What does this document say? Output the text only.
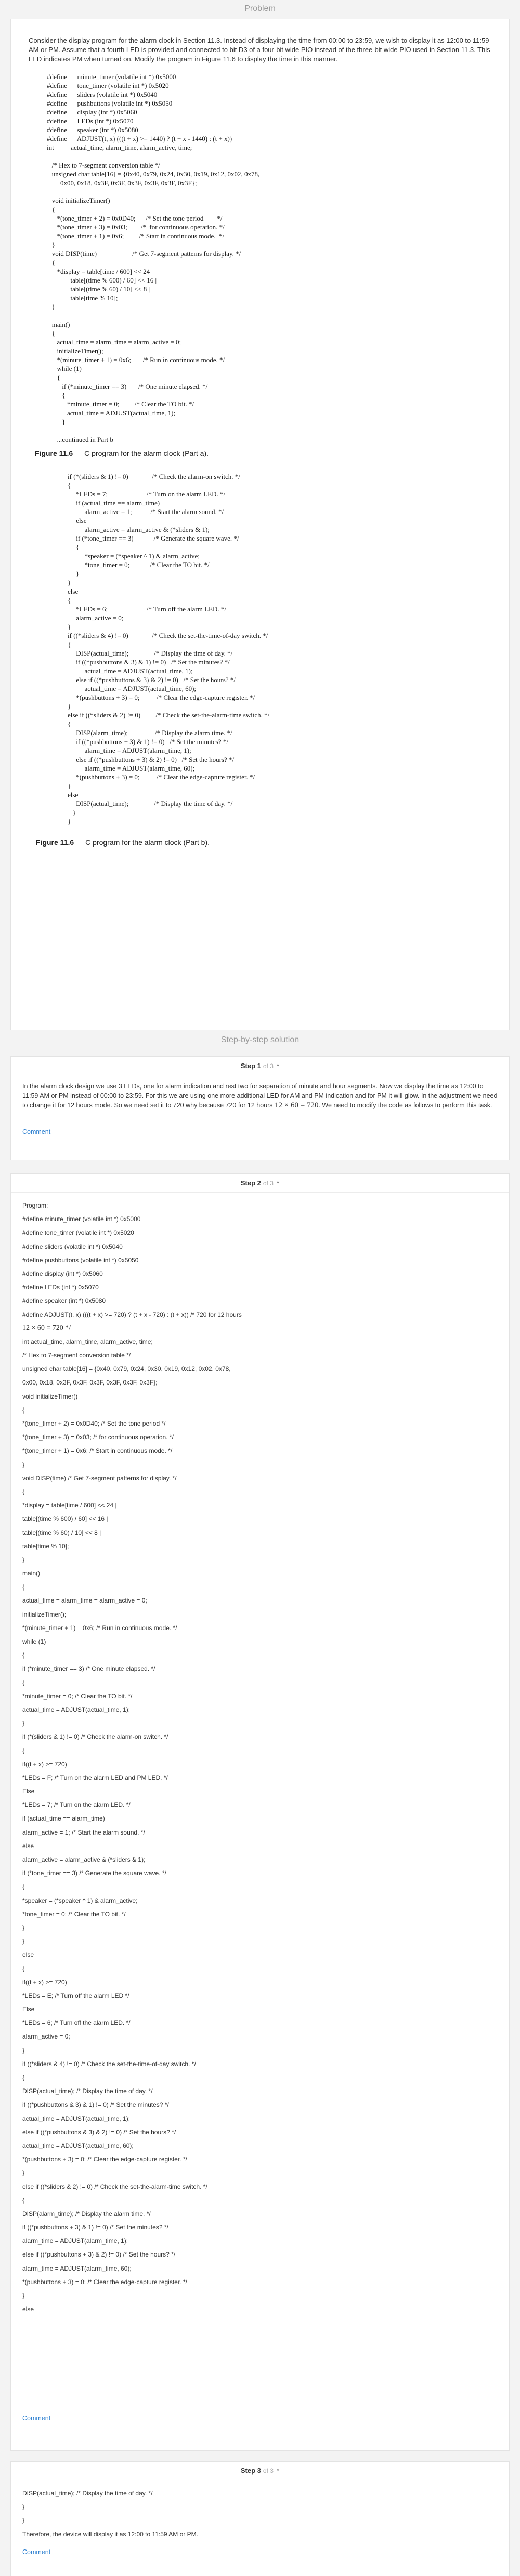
Problem

Consider the display program for the alarm clock in Section 11.3. Instead of displaying the time from 00:00 to 23:59, we wish to display it as 12:00 to 11:59 AM or PM. Assume that a fourth LED is provided and connected to bit D3 of a four-bit wide PIO instead of the three-bit wide PIO used in Section 11.3. This LED indicates PM when turned on. Modify the program in Figure 11.6 to display the time in this manner.

#define      minute_timer (volatile int *) 0x5000
#define      tone_timer (volatile int *) 0x5020
#define      sliders (volatile int *) 0x5040
#define      pushbuttons (volatile int *) 0x5050
#define      display (int *) 0x5060
#define      LEDs (int *) 0x5070
#define      speaker (int *) 0x5080
#define      ADJUST(t, x) (((t + x) >= 1440) ? (t + x - 1440) : (t + x))
int          actual_time, alarm_time, alarm_active, time;
/* Hex to 7-segment conversion table */
unsigned char table[16] = {0x40, 0x79, 0x24, 0x30, 0x19, 0x12, 0x02, 0x78,
0x00, 0x18, 0x3F, 0x3F, 0x3F, 0x3F, 0x3F, 0x3F};
void initializeTimer()
{
*(tone_timer + 2) = 0x0D40;      /* Set the tone period        */
*(tone_timer + 3) = 0x03;        /*  for continuous operation. */
*(tone_timer + 1) = 0x6;         /* Start in continuous mode.  */
}
void DISP(time)                     /* Get 7-segment patterns for display. */
{
*display = table[time / 600] << 24 |
table[(time % 600) / 60] << 16 |
table[(time % 60) / 10] << 8 |
table[time % 10];
}
main()
{
actual_time = alarm_time = alarm_active = 0;
initializeTimer();
*(minute_timer + 1) = 0x6;       /* Run in continuous mode. */
while (1)
{
if (*minute_timer == 3)       /* One minute elapsed. */
{
*minute_timer = 0;         /* Clear the TO bit. */
actual_time = ADJUST(actual_time, 1);
}
...continued in Part b
Figure 11.6 C program for the alarm clock (Part a).
if (*(sliders & 1) != 0)              /* Check the alarm-on switch. */
{
*LEDs = 7;                       /* Turn on the alarm LED. */
if (actual_time == alarm_time)
alarm_active = 1;           /* Start the alarm sound. */
else
alarm_active = alarm_active & (*sliders & 1);
if (*tone_timer == 3)            /* Generate the square wave. */
{
*speaker = (*speaker ^ 1) & alarm_active;
*tone_timer = 0;            /* Clear the TO bit. */
}
}
else
{
*LEDs = 6;                       /* Turn off the alarm LED. */
alarm_active = 0;
}
if ((*sliders & 4) != 0)              /* Check the set-the-time-of-day switch. */
{
DISP(actual_time);               /* Display the time of day. */
if ((*pushbuttons & 3) & 1) != 0)   /* Set the minutes? */
actual_time = ADJUST(actual_time, 1);
else if ((*pushbuttons & 3) & 2) != 0)   /* Set the hours? */
actual_time = ADJUST(actual_time, 60);
*(pushbuttons + 3) = 0;          /* Clear the edge-capture register. */
}
else if ((*sliders & 2) != 0)         /* Check the set-the-alarm-time switch. */
{
DISP(alarm_time);                /* Display the alarm time. */
if ((*pushbuttons + 3) & 1) != 0)   /* Set the minutes? */
alarm_time = ADJUST(alarm_time, 1);
else if ((*pushbuttons + 3) & 2) != 0)   /* Set the hours? */
alarm_time = ADJUST(alarm_time, 60);
*(pushbuttons + 3) = 0;          /* Clear the edge-capture register. */
}
else
DISP(actual_time);               /* Display the time of day. */
}
}
Figure 11.6 C program for the alarm clock (Part b).
Step-by-step solution
Step 1 of 3 ^
In the alarm clock design we use 3 LEDs, one for alarm indication and rest two for separation of minute and hour segments. Now we display the time as 12:00 to 11:59 AM or PM instead of 00:00 to 23:59. For this we are using one more additional LED for AM and PM indication and for PM it will glow. In the adjustment we need to change it for 12 hours mode. So we need set it to 720 why because 720 for 12 hours 12 × 60 = 720. We need to modify the code as follows to perform this task.
Comment
Step 2 of 3 ^
Program:
#define minute_timer (volatile int *) 0x5000
#define tone_timer (volatile int *) 0x5020
#define sliders (volatile int *) 0x5040
#define pushbuttons (volatile int *) 0x5050
#define display (int *) 0x5060
#define LEDs (int *) 0x5070
#define speaker (int *) 0x5080
#define ADJUST(t, x) (((t + x) >= 720) ? (t + x - 720) : (t + x)) /* 720 for 12 hours
12 × 60 = 720 */
int actual_time, alarm_time, alarm_active, time;
/* Hex to 7-segment conversion table */
unsigned char table[16] = {0x40, 0x79, 0x24, 0x30, 0x19, 0x12, 0x02, 0x78,
0x00, 0x18, 0x3F, 0x3F, 0x3F, 0x3F, 0x3F, 0x3F};
void initializeTimer()
{
*(tone_timer + 2) = 0x0D40; /* Set the tone period */
*(tone_timer + 3) = 0x03; /* for continuous operation. */
*(tone_timer + 1) = 0x6; /* Start in continuous mode. */
}
void DISP(time) /* Get 7-segment patterns for display. */
{
*display = table[time / 600] << 24 |
table[(time % 600) / 60] << 16 |
table[(time % 60) / 10] << 8 |
table[time % 10];
}
main()
{
actual_time = alarm_time = alarm_active = 0;
initializeTimer();
*(minute_timer + 1) = 0x6; /* Run in continuous mode. */
while (1)
{
if (*minute_timer == 3) /* One minute elapsed. */
{
*minute_timer = 0; /* Clear the TO bit. */
actual_time = ADJUST(actual_time, 1);
}
if (*(sliders & 1) != 0) /* Check the alarm-on switch. */
{
if((t + x) >= 720)
*LEDs = F; /* Turn on the alarm LED and PM LED. */
Else
*LEDs = 7; /* Turn on the alarm LED. */
if (actual_time == alarm_time)
alarm_active = 1; /* Start the alarm sound. */
else
alarm_active = alarm_active & (*sliders & 1);
if (*tone_timer == 3) /* Generate the square wave. */
{
*speaker = (*speaker ^ 1) & alarm_active;
*tone_timer = 0; /* Clear the TO bit. */
}
}
else
{
if((t + x) >= 720)
*LEDs = E; /* Turn off the alarm LED */
Else
*LEDs = 6; /* Turn off the alarm LED. */
alarm_active = 0;
}
if ((*sliders & 4) != 0) /* Check the set-the-time-of-day switch. */
{
DISP(actual_time); /* Display the time of day. */
if ((*pushbuttons & 3) & 1) != 0) /* Set the minutes? */
actual_time = ADJUST(actual_time, 1);
else if ((*pushbuttons & 3) & 2) != 0) /* Set the hours? */
actual_time = ADJUST(actual_time, 60);
*(pushbuttons + 3) = 0; /* Clear the edge-capture register. */
}
else if ((*sliders & 2) != 0) /* Check the set-the-alarm-time switch. */
{
DISP(alarm_time); /* Display the alarm time. */
if ((*pushbuttons + 3) & 1) != 0) /* Set the minutes? */
alarm_time = ADJUST(alarm_time, 1);
else if ((*pushbuttons + 3) & 2) != 0) /* Set the hours? */
alarm_time = ADJUST(alarm_time, 60);
*(pushbuttons + 3) = 0; /* Clear the edge-capture register. */
}
else
Comment
Step 3 of 3 ^
DISP(actual_time); /* Display the time of day. */
}
}
Therefore, the device will display it as 12:00 to 11:59 AM or PM.
Comment
